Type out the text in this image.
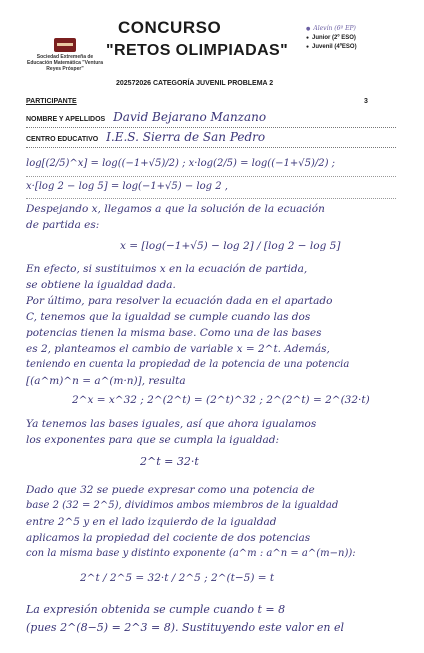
Sociedad Extremeña de Educación Matemática "Ventura Reyes Prósper"
CONCURSO
"RETOS OLIMPIADAS"
● Alevín (6º EP)
● Junior (2º ESO)
● Juvenil (4ºESO)
202572026 CATEGORÍA JUVENIL PROBLEMA 2
PARTICIPANTE	3
NOMBRE Y APELLIDOS David Bejarano Manzano
CENTRO EDUCATIVO I.E.S. Sierra de San Pedro
log[(2/5)^x] = log((−1+√5)/2) ; x·log(2/5) = log((−1+√5)/2) ;
x·[log 2 − log 5] = log(−1+√5) − log 2 ,
Despejando x, llegamos a que la solución de la ecuación
de partida es:
x = [log(−1+√5) − log 2] / [log 2 − log 5]
En efecto, si sustituimos x en la ecuación de partida,
se obtiene la igualdad dada.
Por último, para resolver la ecuación dada en el apartado
C, tenemos que la igualdad se cumple cuando las dos
potencias tienen la misma base. Como una de las bases
es 2, planteamos el cambio de variable x = 2^t. Además,
teniendo en cuenta la propiedad de la potencia de una potencia
[(a^m)^n = a^(m·n)], resulta
2^x = x^32 ; 2^(2^t) = (2^t)^32 ; 2^(2^t) = 2^(32·t)
Ya tenemos las bases iguales, así que ahora igualamos
los exponentes para que se cumpla la igualdad:
2^t = 32·t
Dado que 32 se puede expresar como una potencia de
base 2 (32 = 2^5), dividimos ambos miembros de la igualdad
entre 2^5 y en el lado izquierdo de la igualdad
aplicamos la propiedad del cociente de dos potencias
con la misma base y distinto exponente (a^m : a^n = a^(m−n)):
2^t / 2^5 = 32·t / 2^5 ; 2^(t−5) = t
La expresión obtenida se cumple cuando t = 8
(pues 2^(8−5) = 2^3 = 8). Sustituyendo este valor en el
